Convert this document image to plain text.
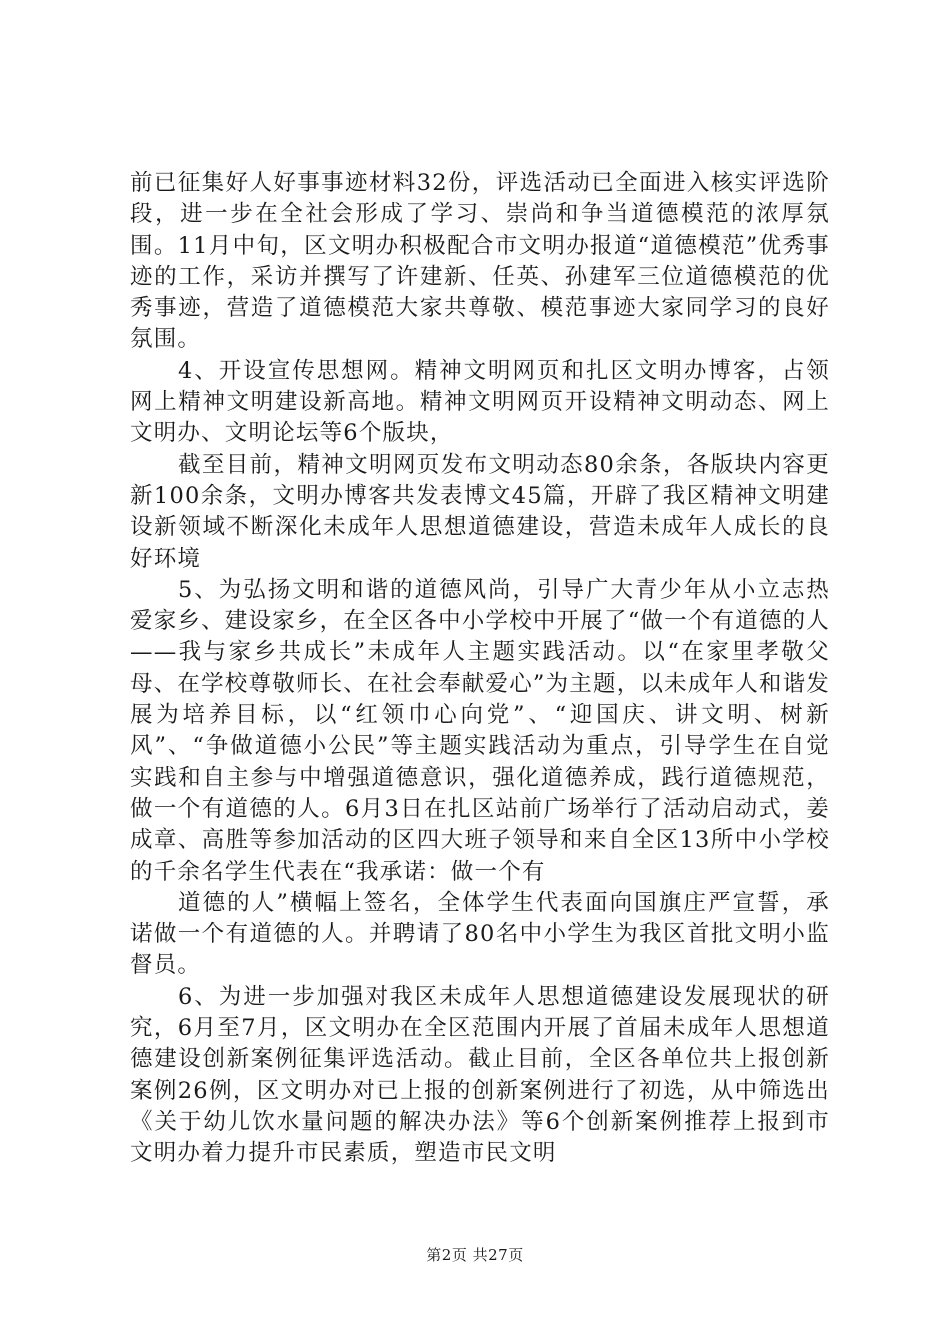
前已征集好人好事事迹材料32份，评选活动已全面进入核实评选阶段，进一步在全社会形成了学习、崇尚和争当道德模范的浓厚氛围。11月中旬，区文明办积极配合市文明办报道“道德模范”优秀事迹的工作，采访并撰写了许建新、任英、孙建军三位道德模范的优秀事迹，营造了道德模范大家共尊敬、模范事迹大家同学习的良好氛围。

4、开设宣传思想网。精神文明网页和扎区文明办博客，占领网上精神文明建设新高地。精神文明网页开设精神文明动态、网上文明办、文明论坛等6个版块，

截至目前，精神文明网页发布文明动态80余条，各版块内容更新100余条，文明办博客共发表博文45篇，开辟了我区精神文明建设新领域不断深化未成年人思想道德建设，营造未成年人成长的良好环境

5、为弘扬文明和谐的道德风尚，引导广大青少年从小立志热爱家乡、建设家乡，在全区各中小学校中开展了“做一个有道德的人——我与家乡共成长”未成年人主题实践活动。以“在家里孝敬父母、在学校尊敬师长、在社会奉献爱心”为主题，以未成年人和谐发展为培养目标，以“红领巾心向党”、“迎国庆、讲文明、树新风”、“争做道德小公民”等主题实践活动为重点，引导学生在自觉实践和自主参与中增强道德意识，强化道德养成，践行道德规范，做一个有道德的人。6月3日在扎区站前广场举行了活动启动式，姜成章、高胜等参加活动的区四大班子领导和来自全区13所中小学校的千余名学生代表在“我承诺：做一个有

道德的人”横幅上签名，全体学生代表面向国旗庄严宣誓，承诺做一个有道德的人。并聘请了80名中小学生为我区首批文明小监督员。

6、为进一步加强对我区未成年人思想道德建设发展现状的研究，6月至7月，区文明办在全区范围内开展了首届未成年人思想道德建设创新案例征集评选活动。截止目前，全区各单位共上报创新案例26例，区文明办对已上报的创新案例进行了初选，从中筛选出《关于幼儿饮水量问题的解决办法》等6个创新案例推荐上报到市文明办着力提升市民素质，塑造市民文明

第2页 共27页
